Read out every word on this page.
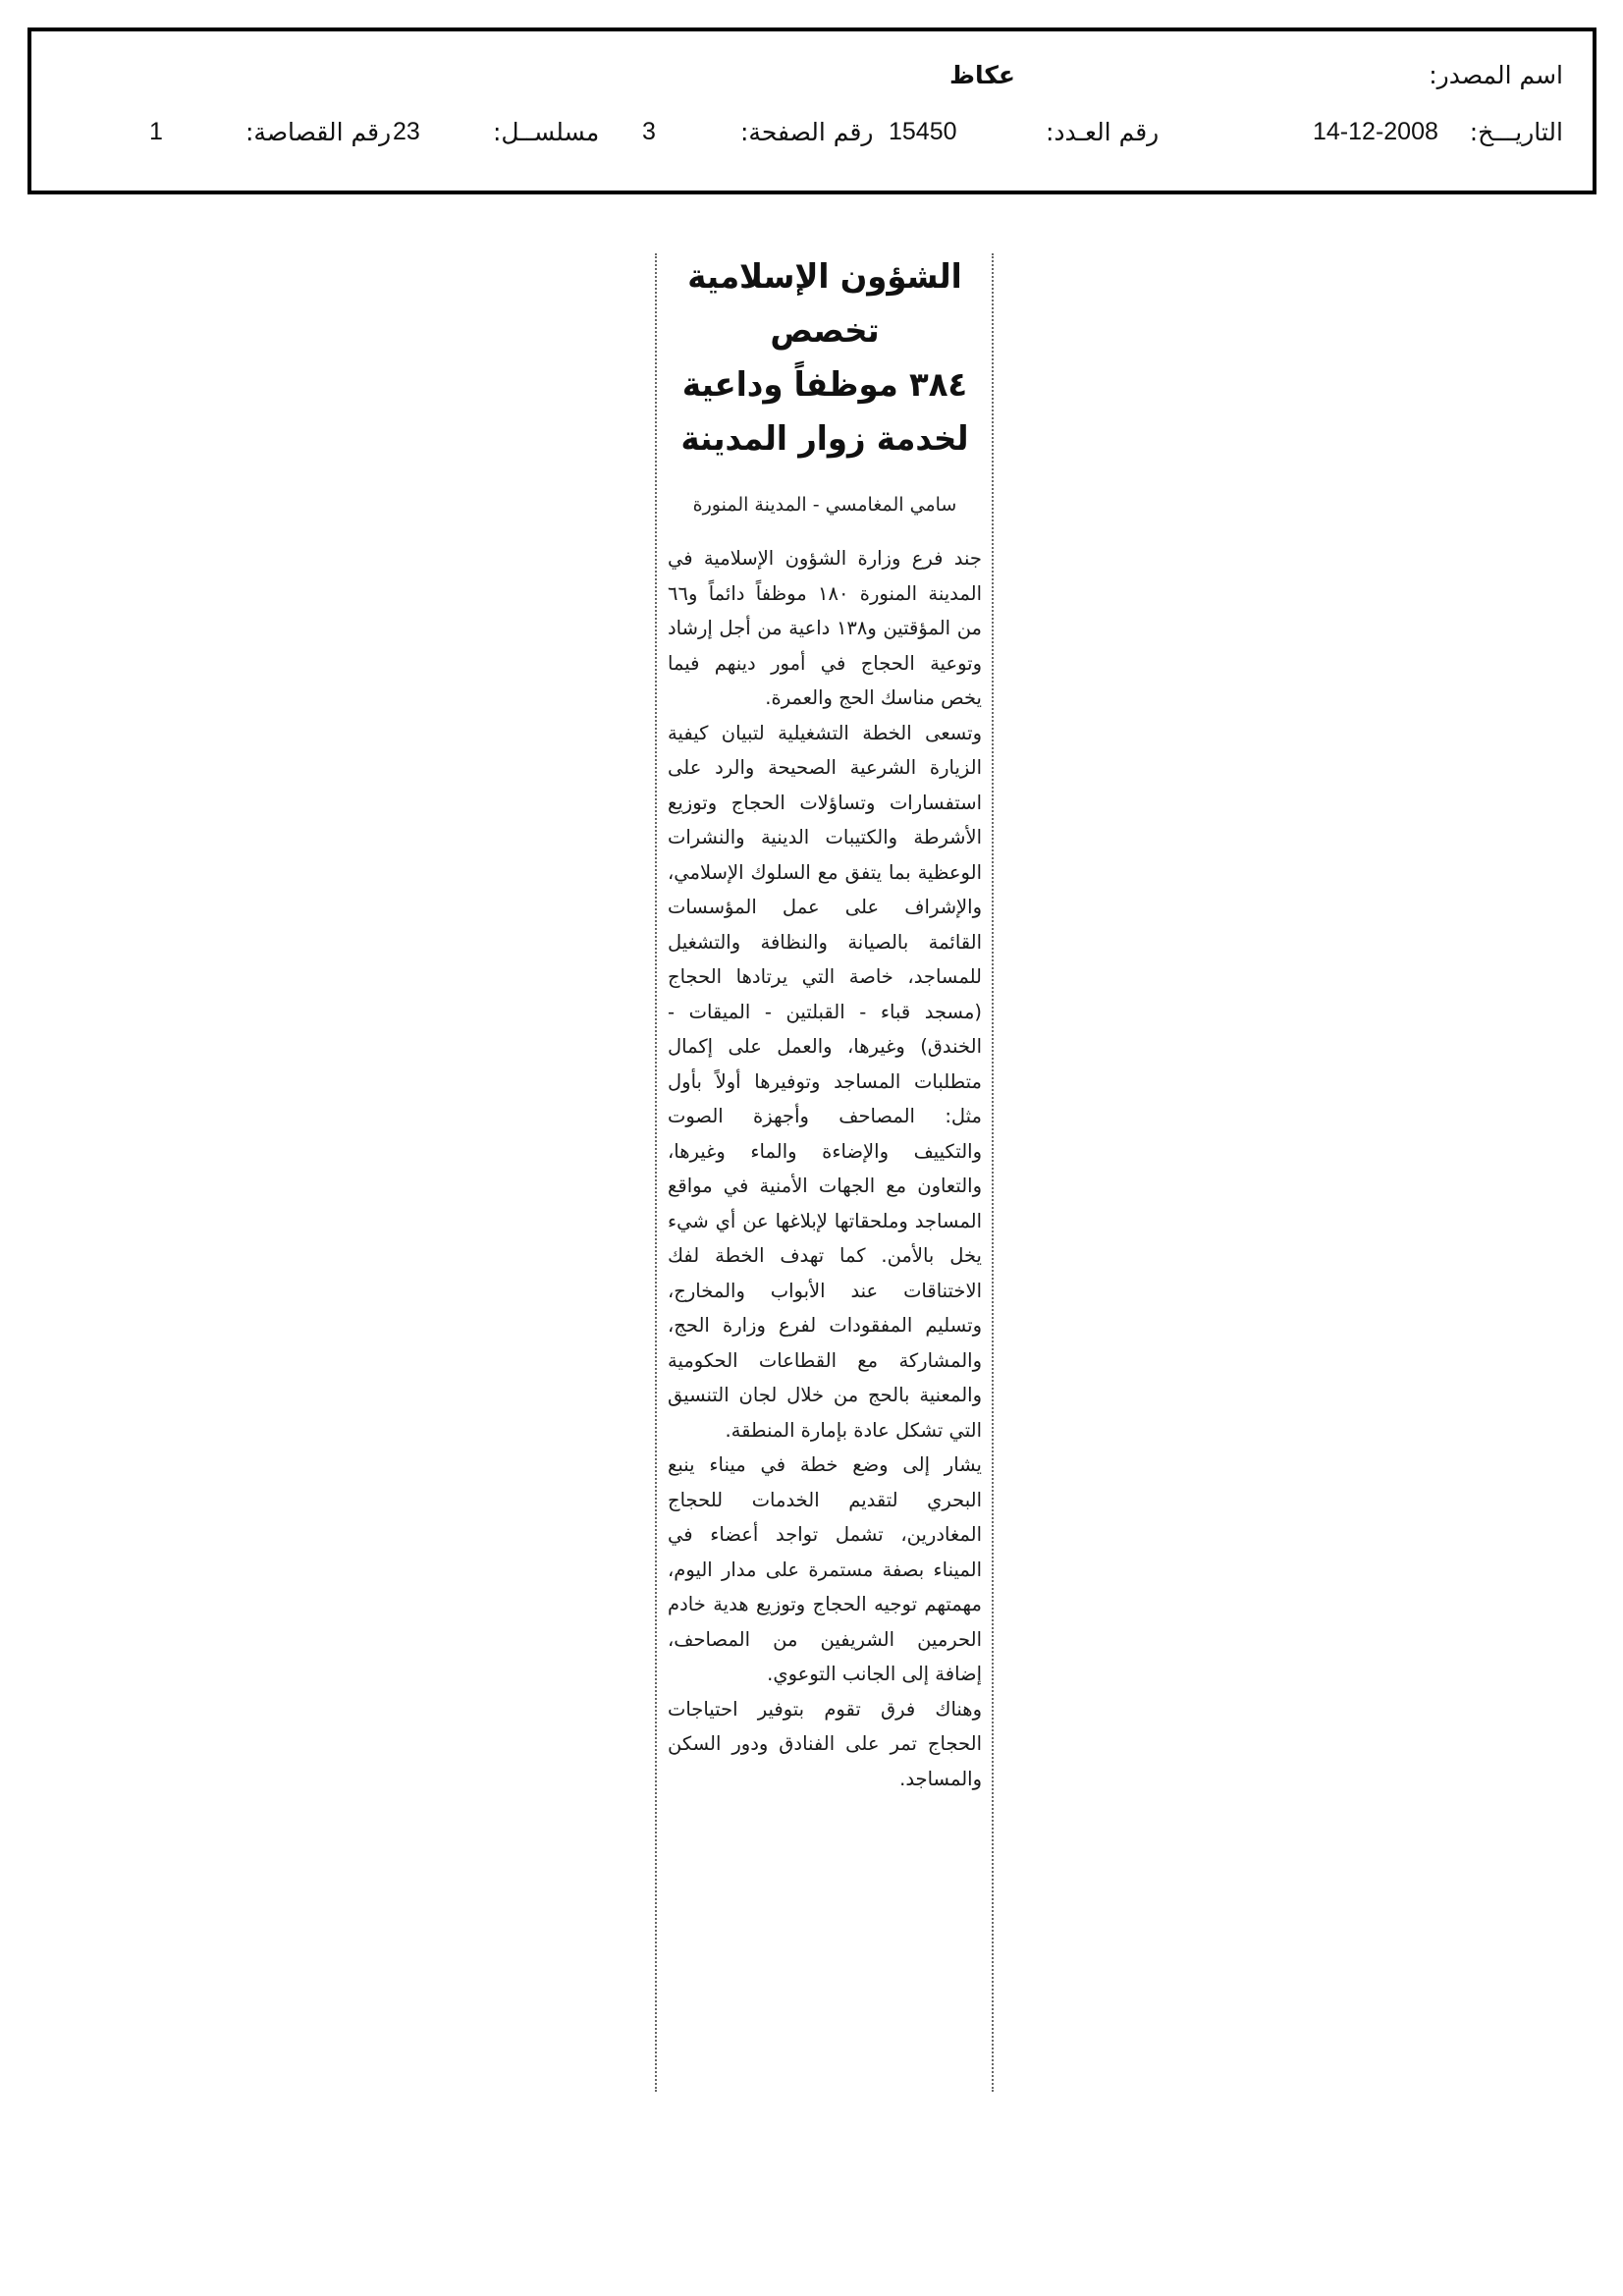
اسم المصدر:
عكاظ
التاريـــخ:
14-12-2008
رقم العـدد:
15450
رقم الصفحة:
3
مسلســل:
23
رقم القصاصة:
1
الشؤون الإسلامية تخصص
٣٨٤ موظفاً وداعية
لخدمة زوار المدينة
سامي المغامسي - المدينة المنورة

جند فرع وزارة الشؤون الإسلامية في المدينة المنورة ١٨٠ موظفاً دائماً و٦٦ من المؤقتين و١٣٨ داعية من أجل إرشاد وتوعية الحجاج في أمور دينهم فيما يخص مناسك الحج والعمرة.

وتسعى الخطة التشغيلية لتبيان كيفية الزيارة الشرعية الصحيحة والرد على استفسارات وتساؤلات الحجاج وتوزيع الأشرطة والكتيبات الدينية والنشرات الوعظية بما يتفق مع السلوك الإسلامي، والإشراف على عمل المؤسسات القائمة بالصيانة والنظافة والتشغيل للمساجد، خاصة التي يرتادها الحجاج (مسجد قباء - القبلتين - الميقات - الخندق) وغيرها، والعمل على إكمال متطلبات المساجد وتوفيرها أولاً بأول مثل: المصاحف وأجهزة الصوت والتكييف والإضاءة والماء وغيرها، والتعاون مع الجهات الأمنية في مواقع المساجد وملحقاتها لإبلاغها عن أي شيء يخل بالأمن. كما تهدف الخطة لفك الاختناقات عند الأبواب والمخارج، وتسليم المفقودات لفرع وزارة الحج، والمشاركة مع القطاعات الحكومية والمعنية بالحج من خلال لجان التنسيق التي تشكل عادة بإمارة المنطقة.

يشار إلى وضع خطة في ميناء ينبع البحري لتقديم الخدمات للحجاج المغادرين، تشمل تواجد أعضاء في الميناء بصفة مستمرة على مدار اليوم، مهمتهم توجيه الحجاج وتوزيع هدية خادم الحرمين الشريفين من المصاحف، إضافة إلى الجانب التوعوي.

وهناك فرق تقوم بتوفير احتياجات الحجاج تمر على الفنادق ودور السكن والمساجد.
